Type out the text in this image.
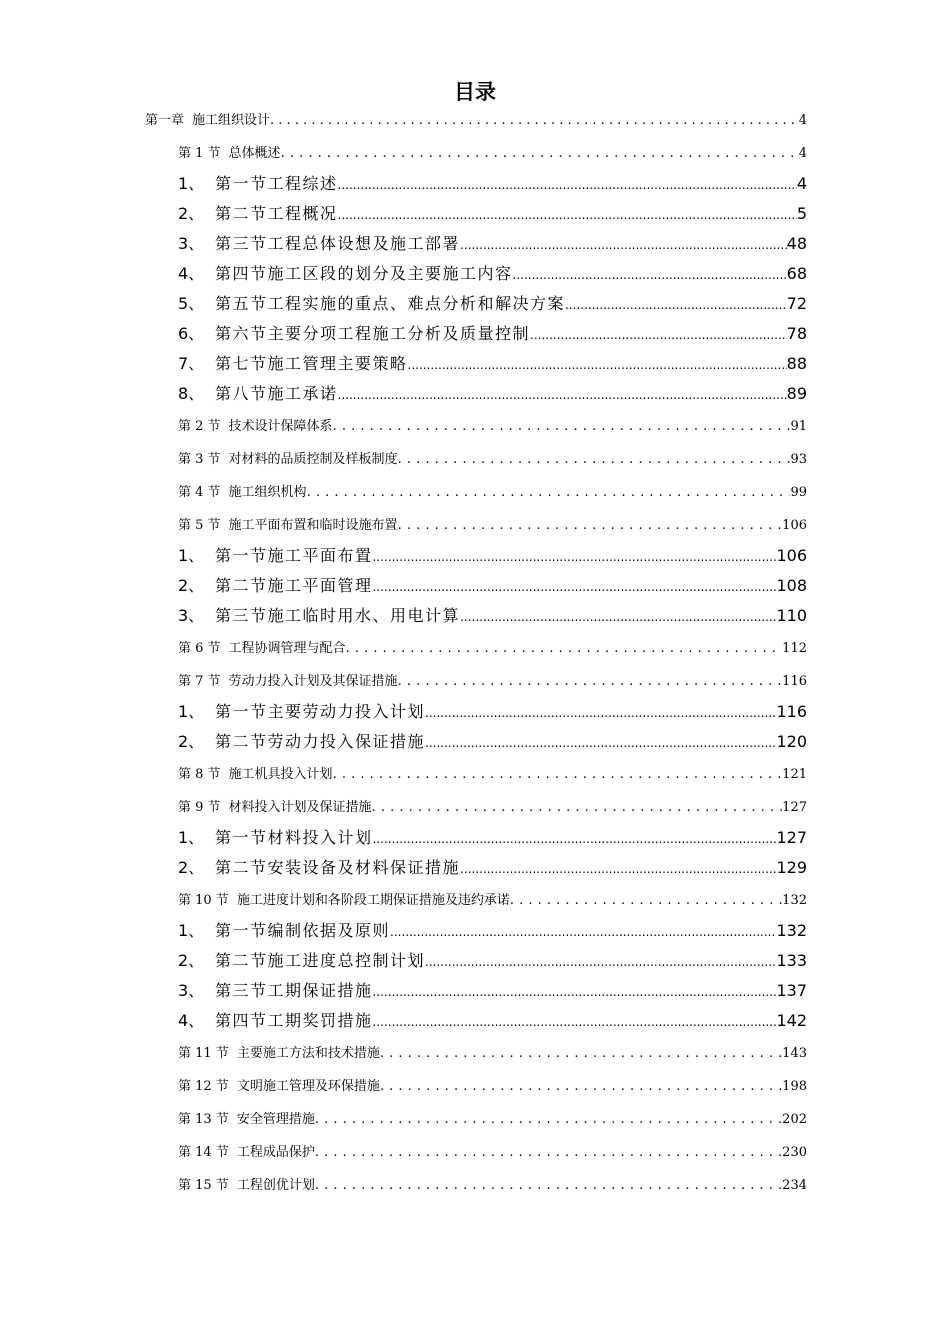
目录
第一章 施工组织设计 . . .	4
第 1 节 总体概述 . . .	4
1、 第一节工程综述 .....	4
2、 第二节工程概况 .....	5
3、 第三节工程总体设想及施工部署 .....	48
4、 第四节施工区段的划分及主要施工内容 .....	68
5、 第五节工程实施的重点、难点分析和解决方案 .....	72
6、 第六节主要分项工程施工分析及质量控制 .....	78
7、 第七节施工管理主要策略 .....	88
8、 第八节施工承诺 .....	89
第 2 节 技术设计保障体系 . . .	91
第 3 节 对材料的品质控制及样板制度 . . .	93
第 4 节 施工组织机构 . . .	99
第 5 节 施工平面布置和临时设施布置 . . .	106
1、 第一节施工平面布置 .....	106
2、 第二节施工平面管理 .....	108
3、 第三节施工临时用水、用电计算 .....	110
第 6 节 工程协调管理与配合 . . .	112
第 7 节 劳动力投入计划及其保证措施 . . .	116
1、 第一节主要劳动力投入计划 .....	116
2、 第二节劳动力投入保证措施 .....	120
第 8 节 施工机具投入计划 . . .	121
第 9 节 材料投入计划及保证措施 . . .	127
1、 第一节材料投入计划 .....	127
2、 第二节安装设备及材料保证措施 .....	129
第 10 节 施工进度计划和各阶段工期保证措施及违约承诺 . . .	132
1、 第一节编制依据及原则 .....	132
2、 第二节施工进度总控制计划 .....	133
3、 第三节工期保证措施 .....	137
4、 第四节工期奖罚措施 .....	142
第 11 节 主要施工方法和技术措施 . . .	143
第 12 节 文明施工管理及环保措施 . . .	198
第 13 节 安全管理措施 . . .	202
第 14 节 工程成品保护 . . .	230
第 15 节 工程创优计划 . . .	234
